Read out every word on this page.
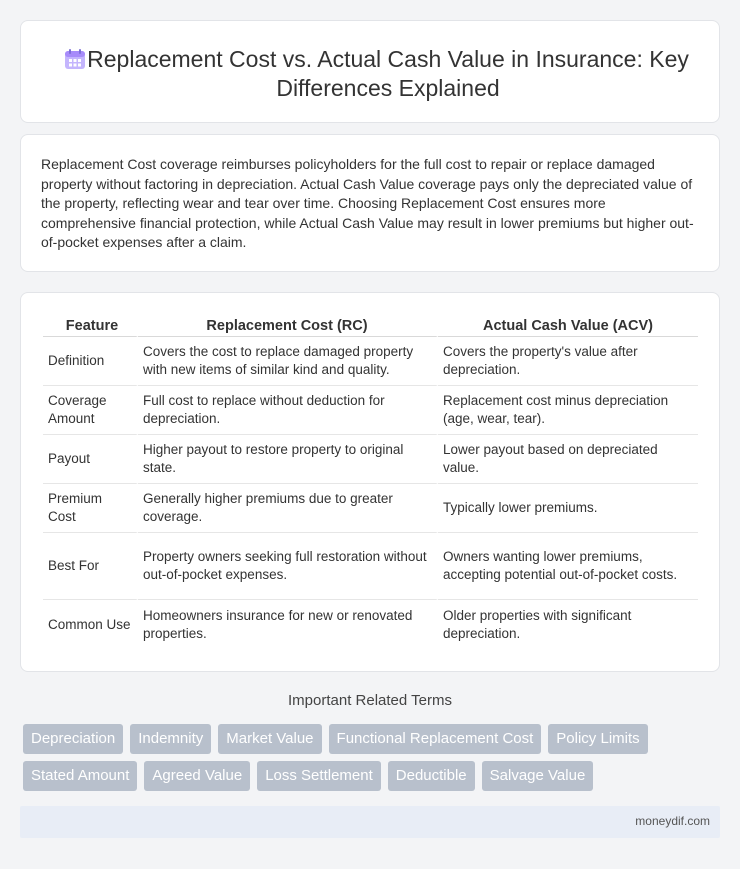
Replacement Cost vs. Actual Cash Value in Insurance: Key Differences Explained

Replacement Cost coverage reimburses policyholders for the full cost to repair or replace damaged property without factoring in depreciation. Actual Cash Value coverage pays only the depreciated value of the property, reflecting wear and tear over time. Choosing Replacement Cost ensures more comprehensive financial protection, while Actual Cash Value may result in lower premiums but higher out-of-pocket expenses after a claim.

Feature	Replacement Cost (RC)	Actual Cash Value (ACV)
Definition	Covers the cost to replace damaged property with new items of similar kind and quality.	Covers the property's value after depreciation.
Coverage Amount	Full cost to replace without deduction for depreciation.	Replacement cost minus depreciation (age, wear, tear).
Payout	Higher payout to restore property to original state.	Lower payout based on depreciated value.
Premium Cost	Generally higher premiums due to greater coverage.	Typically lower premiums.
Best For	Property owners seeking full restoration without out-of-pocket expenses.	Owners wanting lower premiums, accepting potential out-of-pocket costs.
Common Use	Homeowners insurance for new or renovated properties.	Older properties with significant depreciation.
Important Related Terms
Depreciation	Indemnity	Market Value	Functional Replacement Cost	Policy Limits
Stated Amount	Agreed Value	Loss Settlement	Deductible	Salvage Value
moneydif.com
